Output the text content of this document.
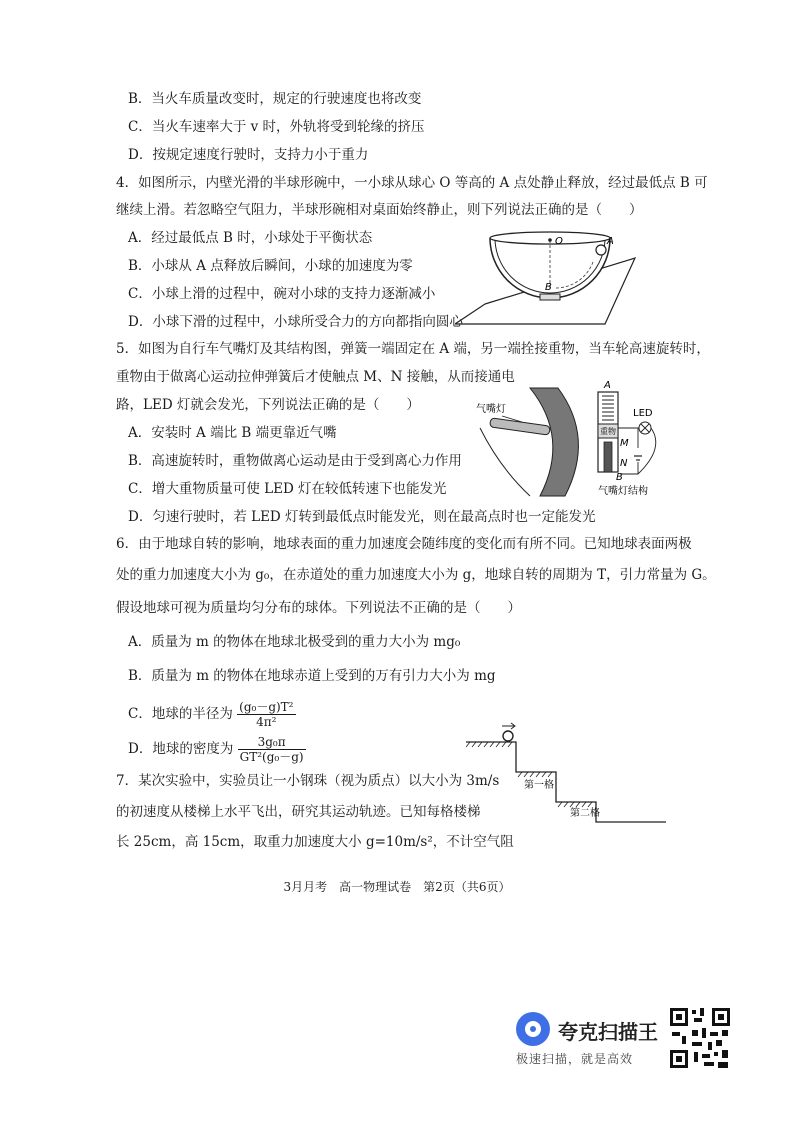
B．当火车质量改变时，规定的行驶速度也将改变
C．当火车速率大于 v 时，外轨将受到轮缘的挤压
D．按规定速度行驶时，支持力小于重力
4．如图所示，内壁光滑的半球形碗中，一小球从球心 O 等高的 A 点处静止释放，经过最低点 B 可
继续上滑。若忽略空气阻力，半球形碗相对桌面始终静止，则下列说法正确的是（　　）
A．经过最低点 B 时，小球处于平衡状态
B．小球从 A 点释放后瞬间，小球的加速度为零
C．小球上滑的过程中，碗对小球的支持力逐渐减小
D．小球下滑的过程中，小球所受合力的方向都指向圆心
O	A
B
5．如图为自行车气嘴灯及其结构图，弹簧一端固定在 A 端，另一端拴接重物，当车轮高速旋转时，
重物由于做离心运动拉伸弹簧后才使触点 M、N 接触，从而接通电
路，LED 灯就会发光，下列说法正确的是（　　）
A．安装时 A 端比 B 端更靠近气嘴
B．高速旋转时，重物做离心运动是由于受到离心力作用
C．增大重物质量可使 LED 灯在较低转速下也能发光
D．匀速行驶时，若 LED 灯转到最低点时能发光，则在最高点时也一定能发光
气嘴灯
重物
A
M
N
B
LED
气嘴灯结构
6．由于地球自转的影响，地球表面的重力加速度会随纬度的变化而有所不同。已知地球表面两极
处的重力加速度大小为 g₀，在赤道处的重力加速度大小为 g，地球自转的周期为 T，引力常量为 G。
假设地球可视为质量均匀分布的球体。下列说法不正确的是（　　）
A．质量为 m 的物体在地球北极受到的重力大小为 mg₀
B．质量为 m 的物体在地球赤道上受到的万有引力大小为 mg
C．地球的半径为 $\frac{\text{(g₀－g)T²}}{\text{4π²}}$
D．地球的密度为 $\frac{\text{3g₀π}}{\text{GT²(g₀－g)}}$
7．某次实验中，实验员让一小钢珠（视为质点）以大小为 3m/s
的初速度从楼梯上水平飞出，研究其运动轨迹。已知每格楼梯
长 25cm，高 15cm，取重力加速度大小 g=10m/s²，不计空气阻
第一格
第二格
3月月考　高一物理试卷　第2页（共6页）
夸克扫描王
极速扫描，就是高效
